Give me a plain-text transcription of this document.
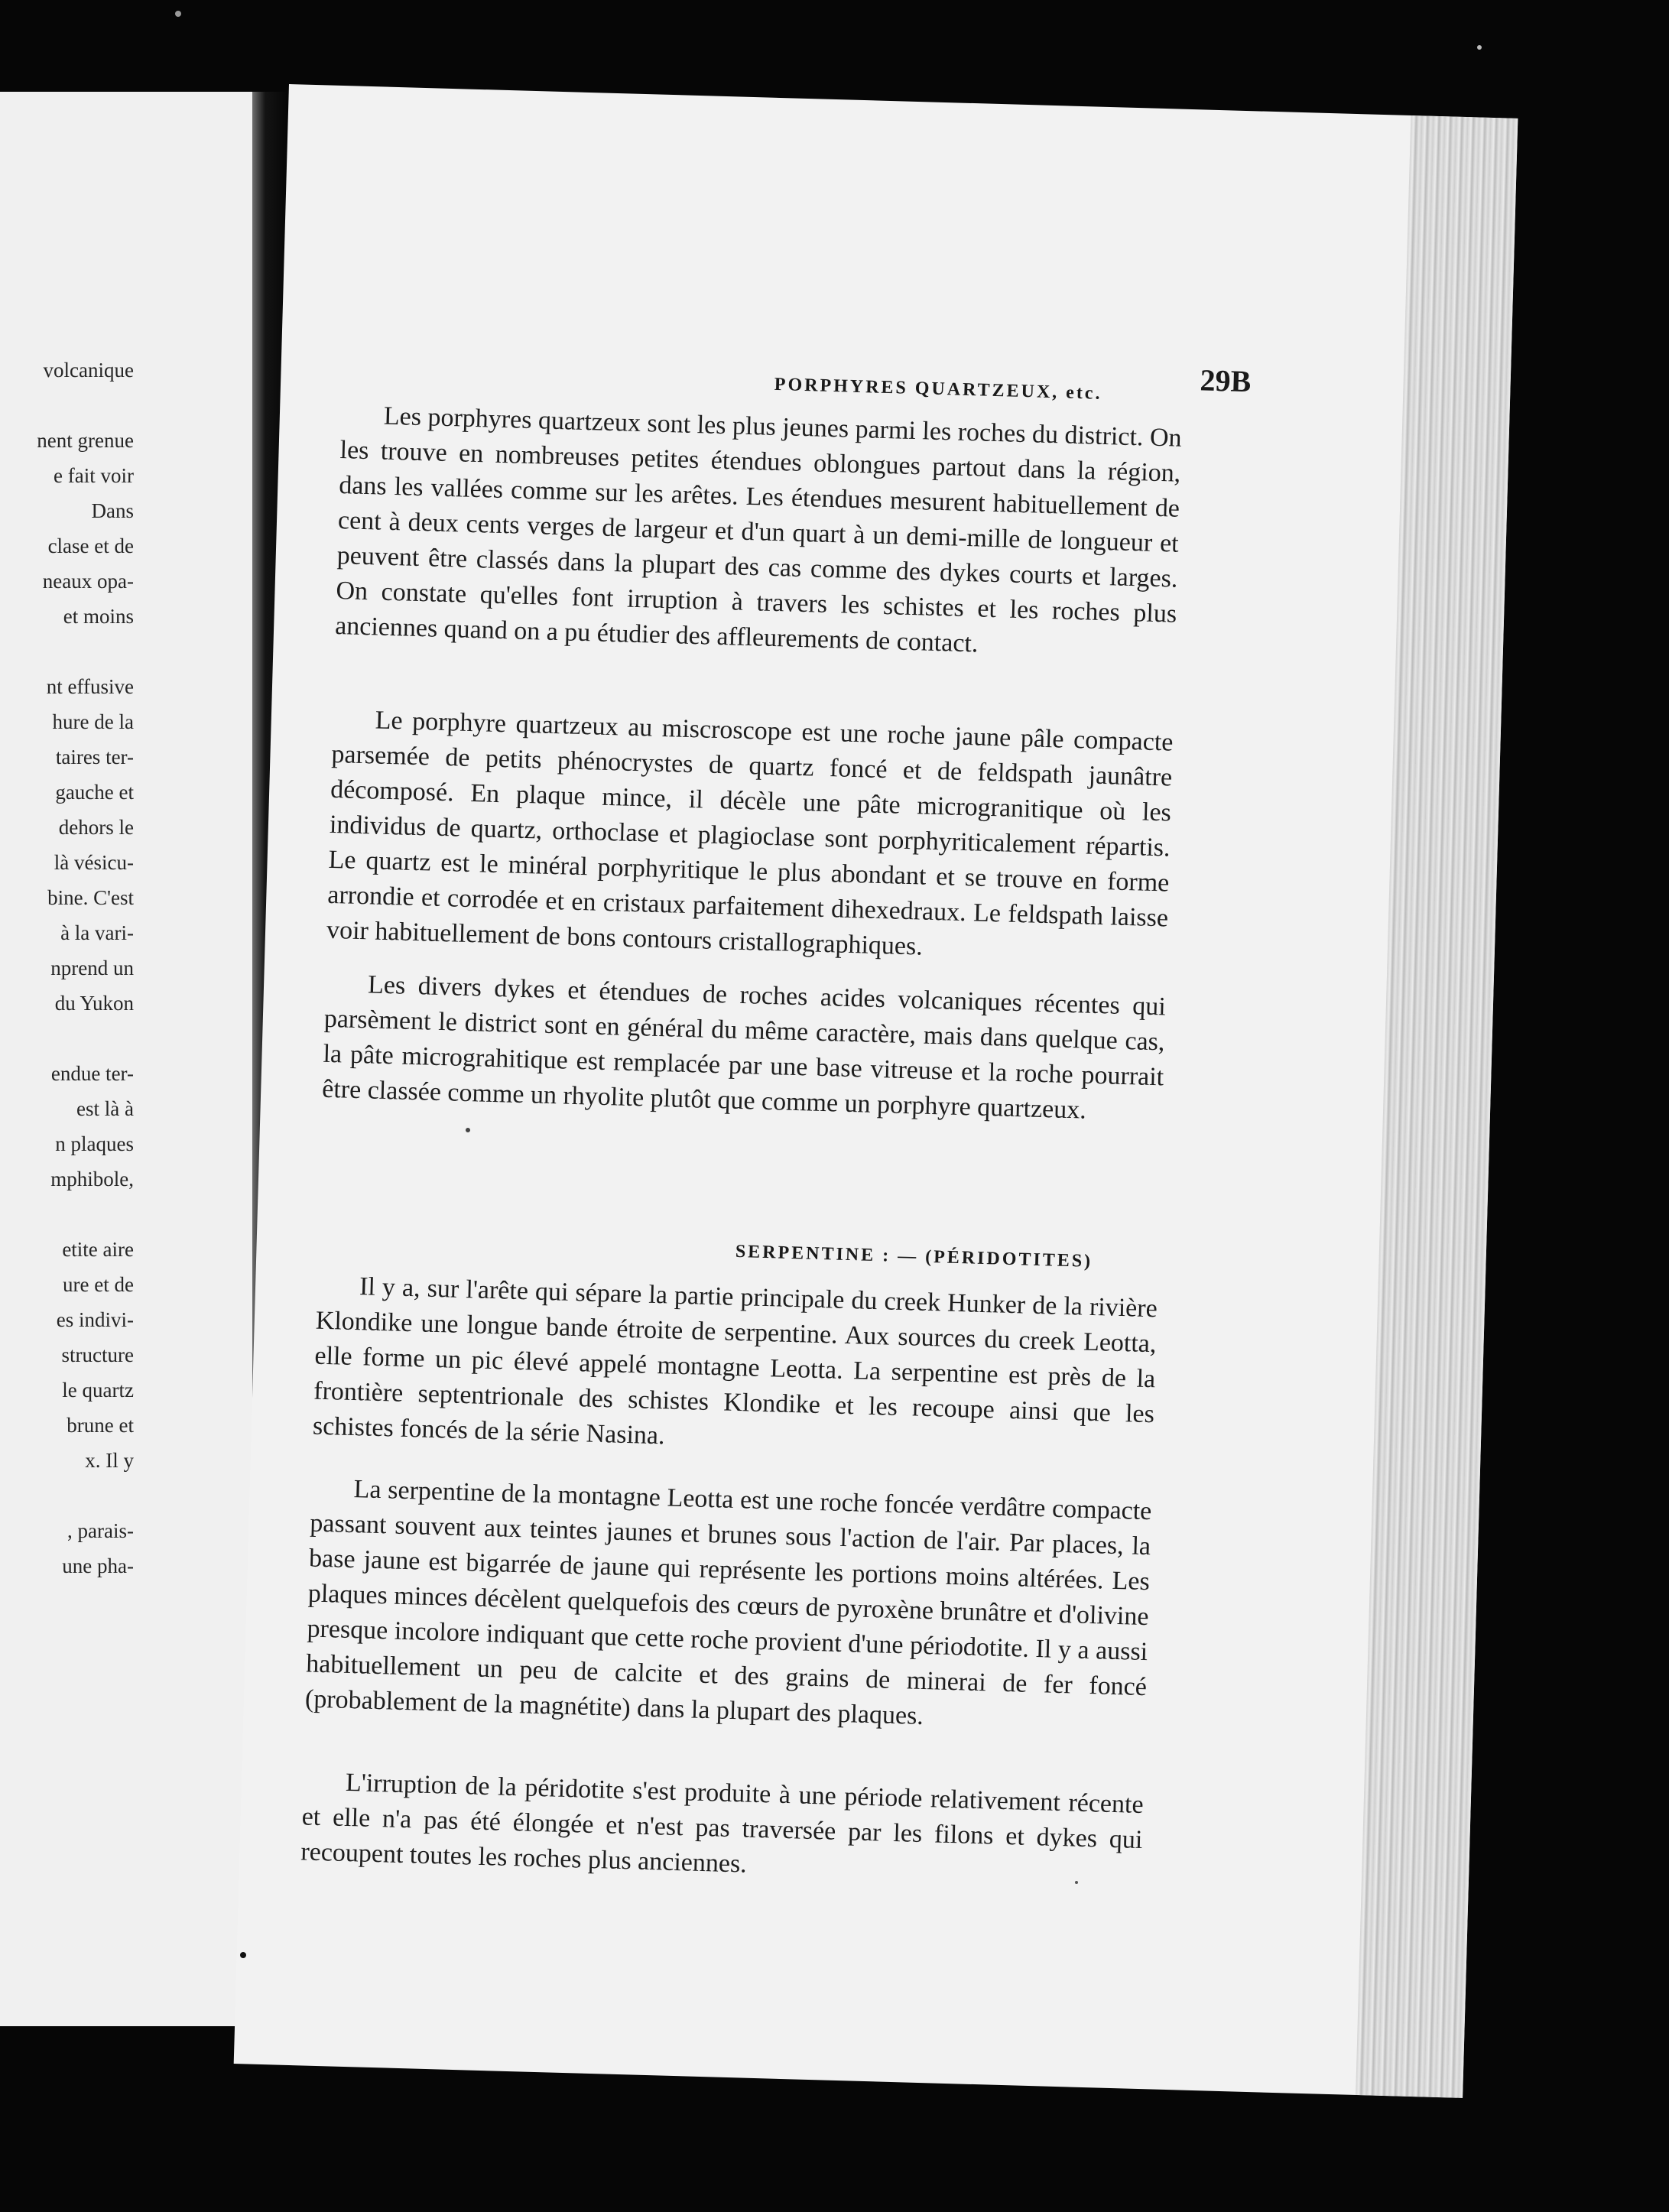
volcanique
nent grenue
e fait voir
Dans
clase et de
neaux opa-
et moins
nt effusive
hure de la
taires ter-
gauche et
dehors le
là vésicu-
bine. C'est
à la vari-
nprend un
du Yukon
endue ter-
est là à
n plaques
mphibole,
etite aire
ure et de
es indivi-
structure
le quartz
brune et
x. Il y
, parais-
une pha-
29B
PORPHYRES QUARTZEUX, etc.

Les porphyres quartzeux sont les plus jeunes parmi les roches du district. On les trouve en nombreuses petites étendues oblongues partout dans la région, dans les vallées comme sur les arêtes. Les étendues mesurent habituellement de cent à deux cents verges de largeur et d'un quart à un demi-mille de longueur et peuvent être classés dans la plupart des cas comme des dykes courts et larges. On constate qu'elles font irruption à travers les schistes et les roches plus anciennes quand on a pu étudier des affleurements de contact.

Le porphyre quartzeux au miscroscope est une roche jaune pâle compacte parsemée de petits phénocrystes de quartz foncé et de feldspath jaunâtre décomposé. En plaque mince, il décèle une pâte microgranitique où les individus de quartz, orthoclase et plagioclase sont porphyriticalement répartis. Le quartz est le minéral porphyritique le plus abondant et se trouve en forme arrondie et corrodée et en cristaux parfaitement dihexedraux. Le feldspath laisse voir habituellement de bons contours cristallographiques.

Les divers dykes et étendues de roches acides volcaniques récentes qui parsèment le district sont en général du même caractère, mais dans quelque cas, la pâte micrograhitique est remplacée par une base vitreuse et la roche pourrait être classée comme un rhyolite plutôt que comme un porphyre quartzeux.

SERPENTINE : — (PÉRIDOTITES)

Il y a, sur l'arête qui sépare la partie principale du creek Hunker de la rivière Klondike une longue bande étroite de serpentine. Aux sources du creek Leotta, elle forme un pic élevé appelé montagne Leotta. La serpentine est près de la frontière septentrionale des schistes Klondike et les recoupe ainsi que les schistes foncés de la série Nasina.

La serpentine de la montagne Leotta est une roche foncée verdâtre compacte passant souvent aux teintes jaunes et brunes sous l'action de l'air. Par places, la base jaune est bigarrée de jaune qui représente les portions moins altérées. Les plaques minces décèlent quelquefois des cœurs de pyroxène brunâtre et d'olivine presque incolore indiquant que cette roche provient d'une périodotite. Il y a aussi habituellement un peu de calcite et des grains de minerai de fer foncé (probablement de la magnétite) dans la plupart des plaques.

L'irruption de la péridotite s'est produite à une période relativement récente et elle n'a pas été élongée et n'est pas traversée par les filons et dykes qui recoupent toutes les roches plus anciennes.
